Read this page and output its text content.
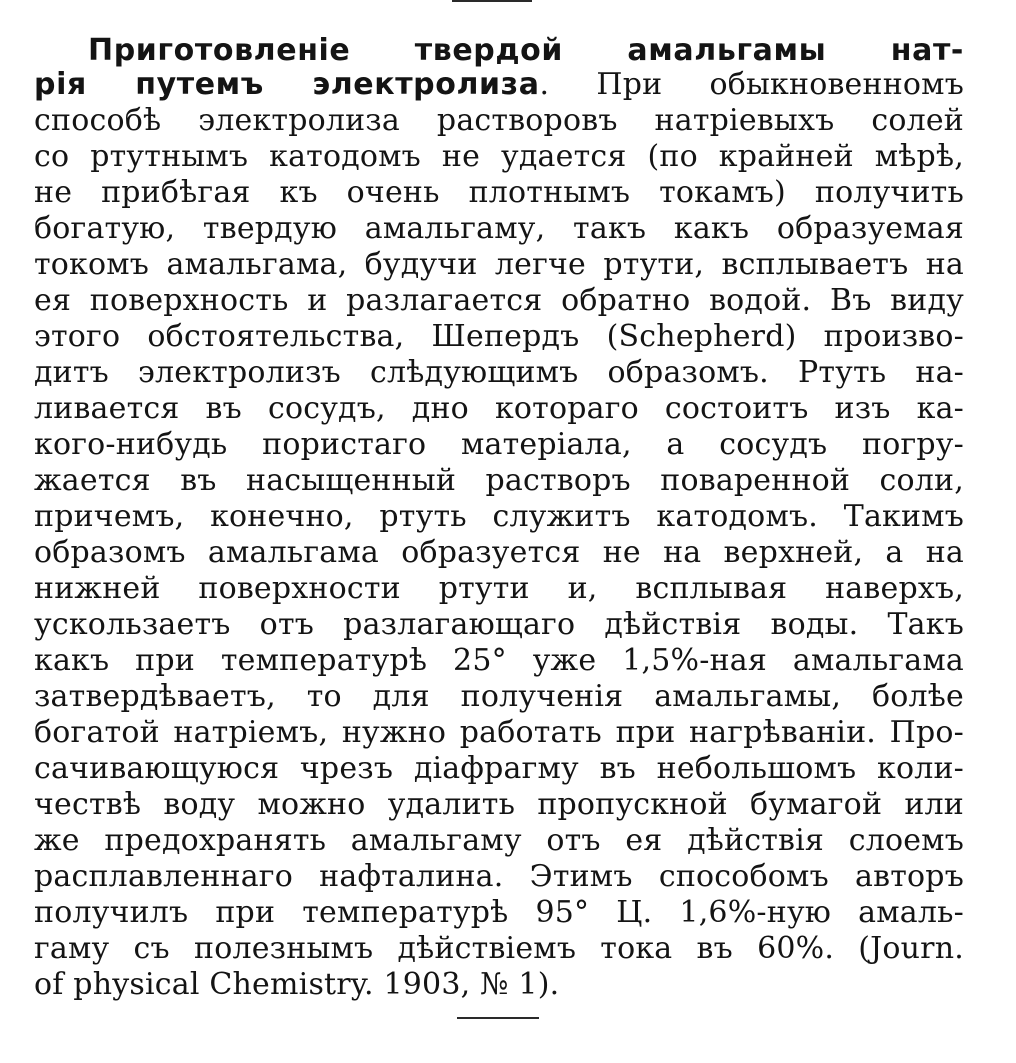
Приготовленіе твердой амальгамы нат-
рія путемъ электролиза. При обыкновенномъ
способѣ электролиза растворовъ натріевыхъ солей
со ртутнымъ катодомъ не удается (по крайней мѣрѣ,
не прибѣгая къ очень плотнымъ токамъ) получить
богатую, твердую амальгаму, такъ какъ образуемая
токомъ амальгама, будучи легче ртути, всплываетъ на
ея поверхность и разлагается обратно водой. Въ виду
этого обстоятельства, Шепердъ (Schepherd) произво-
дитъ электролизъ слѣдующимъ образомъ. Ртуть на-
ливается въ сосудъ, дно котораго состоитъ изъ ка-
кого-нибудь пористаго матеріала, а сосудъ погру-
жается въ насыщенный растворъ поваренной соли,
причемъ, конечно, ртуть служитъ катодомъ. Такимъ
образомъ амальгама образуется не на верхней, а на
нижней поверхности ртути и, всплывая наверхъ,
ускользаетъ отъ разлагающаго дѣйствія воды. Такъ
какъ при температурѣ 25° уже 1,5%-ная амальгама
затвердѣваетъ, то для полученія амальгамы, болѣе
богатой натріемъ, нужно работать при нагрѣваніи. Про-
сачивающуюся чрезъ діафрагму въ небольшомъ коли-
чествѣ воду можно удалить пропускной бумагой или
же предохранять амальгаму отъ ея дѣйствія слоемъ
расплавленнаго нафталина. Этимъ способомъ авторъ
получилъ при температурѣ 95° Ц. 1,6%-ную амаль-
гаму съ полезнымъ дѣйствіемъ тока въ 60%. (Journ.
of physical Chemistry. 1903, № 1).
